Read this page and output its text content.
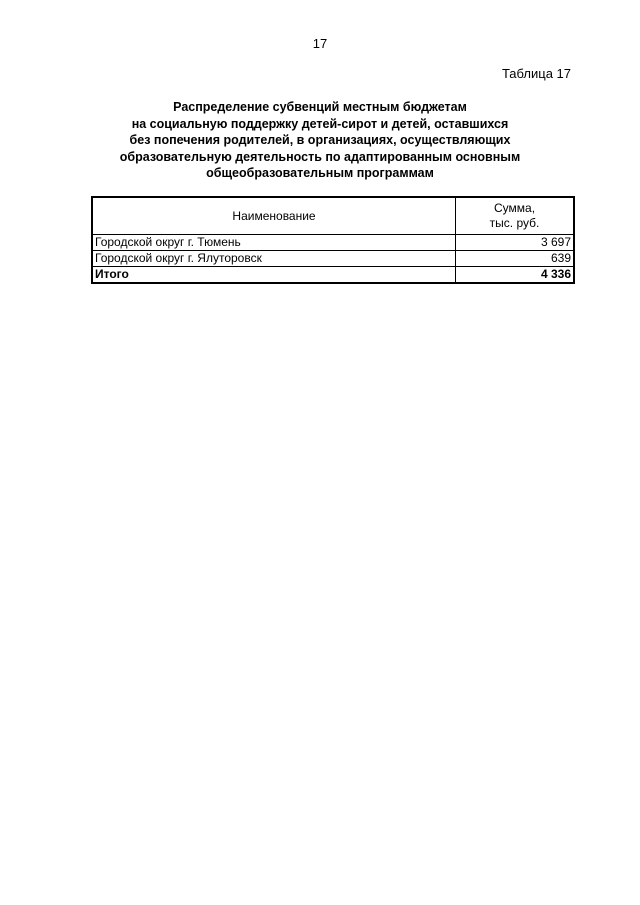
17
Таблица 17
Распределение субвенций местным бюджетам
на социальную поддержку детей-сирот и детей, оставшихся
без попечения родителей, в организациях, осуществляющих
образовательную деятельность по адаптированным основным
общеобразовательным программам
Наименование	Сумма,
тыс. руб.

Городской округ г. Тюмень	3 697
Городской округ г. Ялуторовск	639
Итого	4 336
